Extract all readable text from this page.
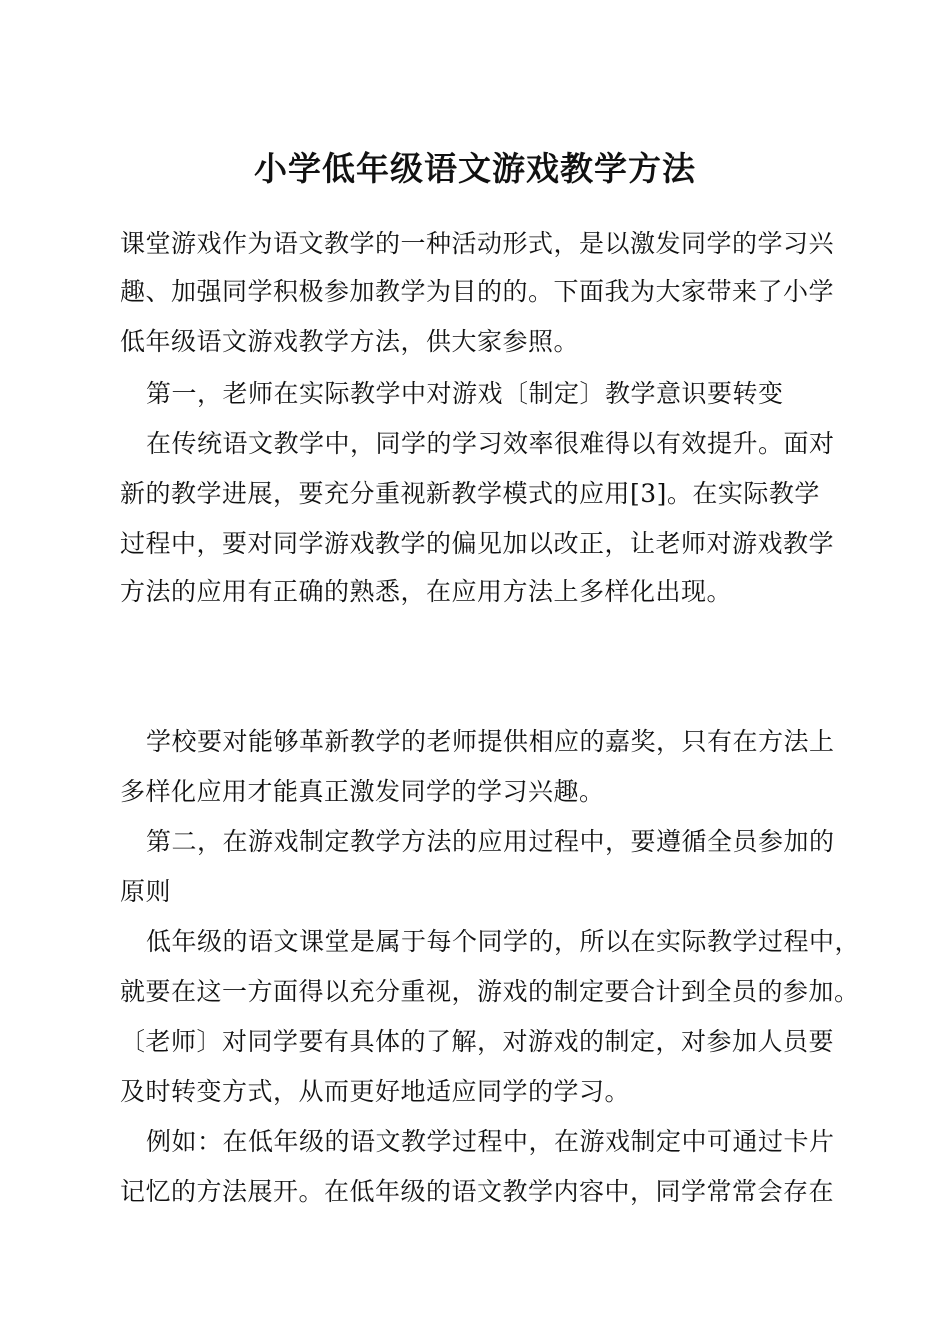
小学低年级语文游戏教学方法
课堂游戏作为语文教学的一种活动形式，是以激发同学的学习兴
趣、加强同学积极参加教学为目的的。下面我为大家带来了小学
低年级语文游戏教学方法，供大家参照。
第一，老师在实际教学中对游戏〔制定〕教学意识要转变
在传统语文教学中，同学的学习效率很难得以有效提升。面对
新的教学进展，要充分重视新教学模式的应用[3]。在实际教学
过程中，要对同学游戏教学的偏见加以改正，让老师对游戏教学
方法的应用有正确的熟悉，在应用方法上多样化出现。
学校要对能够革新教学的老师提供相应的嘉奖，只有在方法上
多样化应用才能真正激发同学的学习兴趣。
第二，在游戏制定教学方法的应用过程中，要遵循全员参加的
原则
低年级的语文课堂是属于每个同学的，所以在实际教学过程中，
就要在这一方面得以充分重视，游戏的制定要合计到全员的参加。
〔老师〕对同学要有具体的了解，对游戏的制定，对参加人员要
及时转变方式，从而更好地适应同学的学习。
例如：在低年级的语文教学过程中，在游戏制定中可通过卡片
记忆的方法展开。在低年级的语文教学内容中，同学常常会存在
